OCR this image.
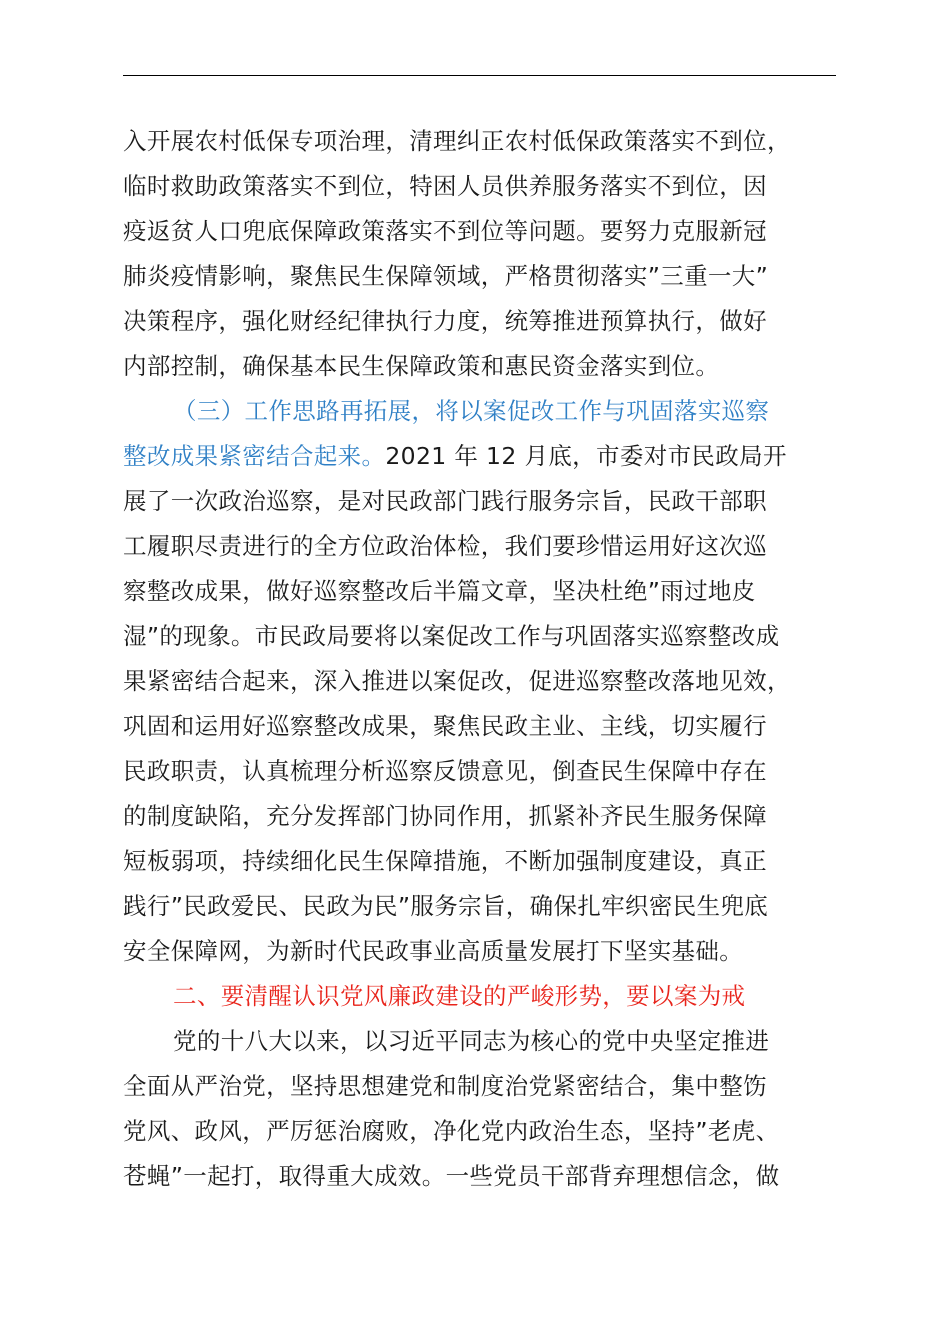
入开展农村低保专项治理，清理纠正农村低保政策落实不到位，
临时救助政策落实不到位，特困人员供养服务落实不到位，因
疫返贫人口兜底保障政策落实不到位等问题。要努力克服新冠
肺炎疫情影响，聚焦民生保障领域，严格贯彻落实”三重一大”
决策程序，强化财经纪律执行力度，统筹推进预算执行，做好
内部控制，确保基本民生保障政策和惠民资金落实到位。
（三）工作思路再拓展，将以案促改工作与巩固落实巡察
整改成果紧密结合起来。2021 年 12 月底，市委对市民政局开
展了一次政治巡察，是对民政部门践行服务宗旨，民政干部职
工履职尽责进行的全方位政治体检，我们要珍惜运用好这次巡
察整改成果，做好巡察整改后半篇文章，坚决杜绝”雨过地皮
湿”的现象。市民政局要将以案促改工作与巩固落实巡察整改成
果紧密结合起来，深入推进以案促改，促进巡察整改落地见效，
巩固和运用好巡察整改成果，聚焦民政主业、主线，切实履行
民政职责，认真梳理分析巡察反馈意见，倒查民生保障中存在
的制度缺陷，充分发挥部门协同作用，抓紧补齐民生服务保障
短板弱项，持续细化民生保障措施，不断加强制度建设，真正
践行”民政爱民、民政为民”服务宗旨，确保扎牢织密民生兜底
安全保障网，为新时代民政事业高质量发展打下坚实基础。
二、要清醒认识党风廉政建设的严峻形势，要以案为戒
党的十八大以来，以习近平同志为核心的党中央坚定推进
全面从严治党，坚持思想建党和制度治党紧密结合，集中整饬
党风、政风，严厉惩治腐败，净化党内政治生态，坚持”老虎、
苍蝇”一起打，取得重大成效。一些党员干部背弃理想信念，做
